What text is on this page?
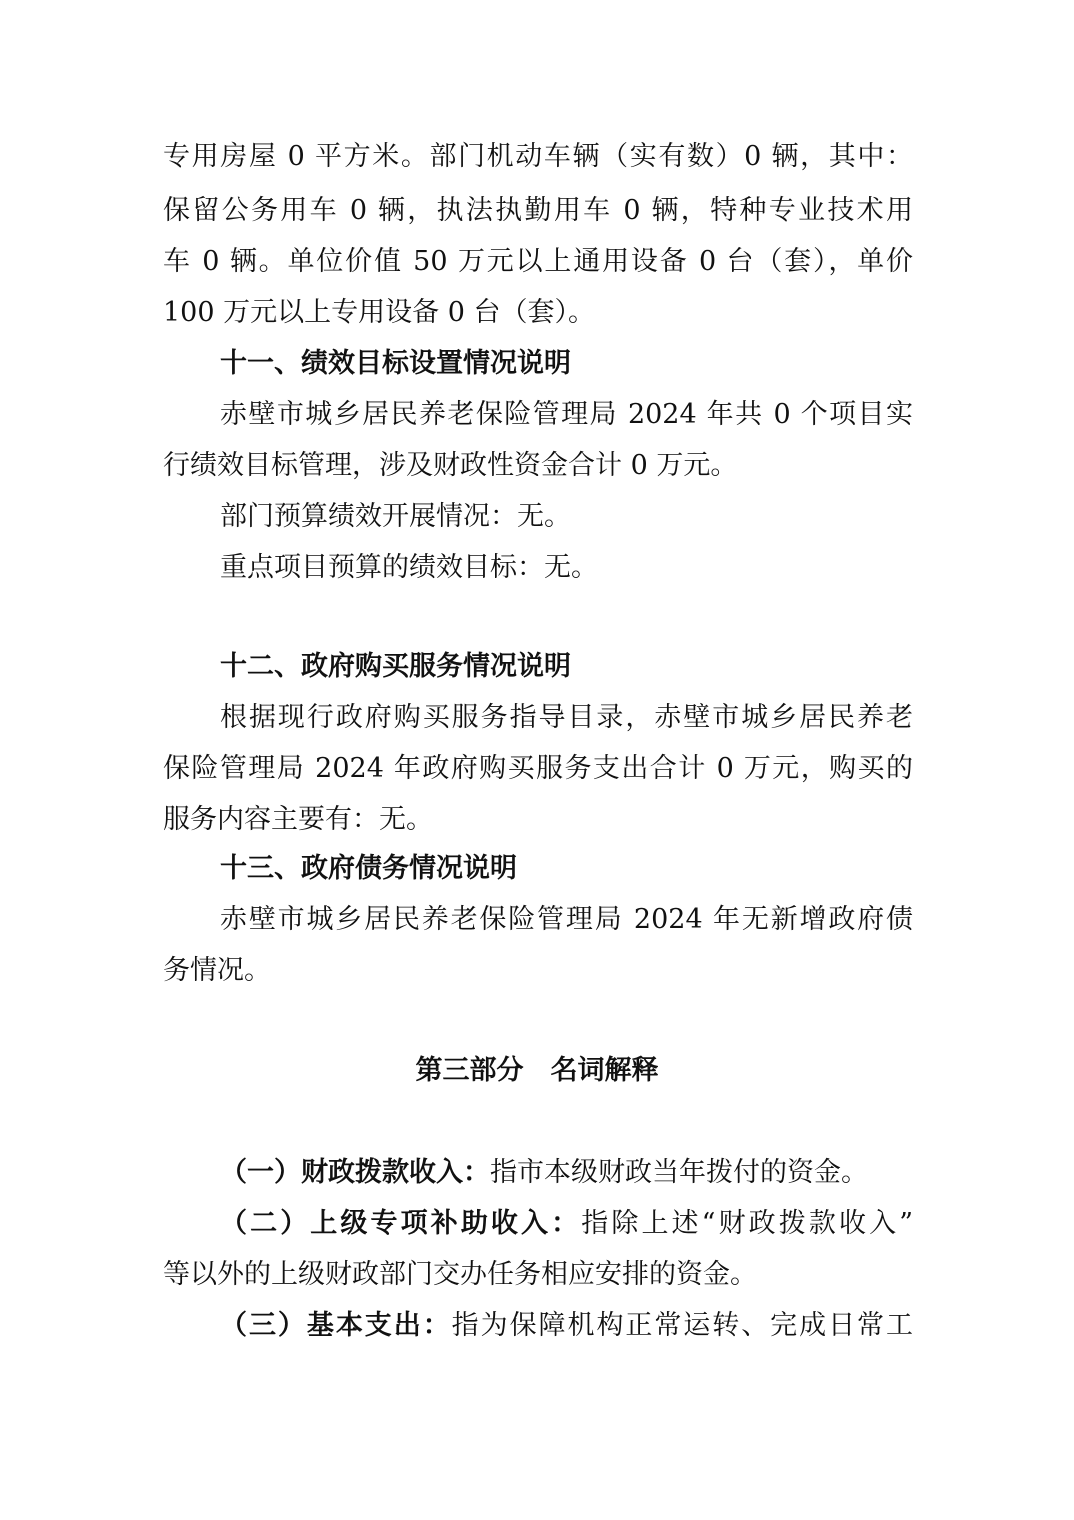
专用房屋 0 平方米。部门机动车辆（实有数）0 辆，其中：
保留公务用车 0 辆，执法执勤用车 0 辆，特种专业技术用
车 0 辆。单位价值 50 万元以上通用设备 0 台（套），单价
100 万元以上专用设备 0 台（套）。
十一、绩效目标设置情况说明
赤壁市城乡居民养老保险管理局 2024 年共 0 个项目实
行绩效目标管理，涉及财政性资金合计 0 万元。
部门预算绩效开展情况：无。
重点项目预算的绩效目标：无。
十二、政府购买服务情况说明
根据现行政府购买服务指导目录，赤壁市城乡居民养老
保险管理局 2024 年政府购买服务支出合计 0 万元，购买的
服务内容主要有：无。
十三、政府债务情况说明
赤壁市城乡居民养老保险管理局 2024 年无新增政府债
务情况。
第三部分　名词解释
（一）财政拨款收入：指市本级财政当年拨付的资金。
（二）上级专项补助收入：指除上述“财政拨款收入”
等以外的上级财政部门交办任务相应安排的资金。
（三）基本支出：指为保障机构正常运转、完成日常工
